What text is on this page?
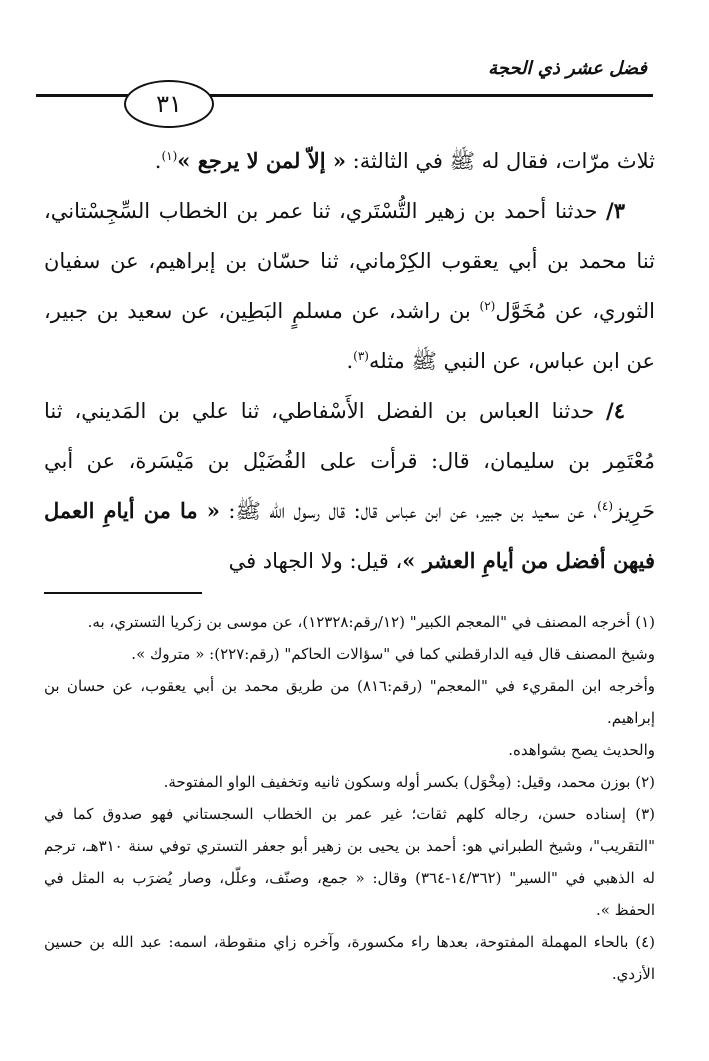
فضل عشر ذي الحجة
٣١

ثلاث مرّات، فقال له ﷺ في الثالثة: « إلاّ لمن لا يرجع »$^{(١)}$.

٣/ حدثنا أحمد بن زهير التُّسْتَري، ثنا عمر بن الخطاب السِّجِسْتاني، ثنا محمد بن أبي يعقوب الكِرْماني، ثنا حسّان بن إبراهيم، عن سفيان الثوري، عن مُخَوَّل$^{(٢)}$ بن راشد، عن مسلمٍ البَطِين، عن سعيد بن جبير، عن ابن عباس، عن النبي ﷺ مثله$^{(٣)}$.

٤/ حدثنا العباس بن الفضل الأَسْفاطي، ثنا علي بن المَديني، ثنا مُعْتَمِر بن سليمان، قال: قرأت على الفُضَيْل بن مَيْسَرة، عن أبي حَرِيز$^{(٤)}$، عن سعيد بن جبير، عن ابن عباس قال: قال رسول الله ﷺ: « ما من أيامِ العمل فيهن أفضل من أيامِ العشر »، قيل: ولا الجهاد في

(١) أخرجه المصنف في "المعجم الكبير" (١٢/رقم:١٢٣٢٨)، عن موسى بن زكريا التستري، به.

وشيخ المصنف قال فيه الدارقطني كما في "سؤالات الحاكم" (رقم:٢٢٧): « متروك ».

وأخرجه ابن المقريء في "المعجم" (رقم:٨١٦) من طريق محمد بن أبي يعقوب، عن حسان بن إبراهيم.

والحديث يصح بشواهده.

(٢) بوزن محمد، وقيل: (مِخْوَل) بكسر أوله وسكون ثانيه وتخفيف الواو المفتوحة.

(٣) إسناده حسن، رجاله كلهم ثقات؛ غير عمر بن الخطاب السجستاني فهو صدوق كما في "التقريب"، وشيخ الطبراني هو: أحمد بن يحيى بن زهير أبو جعفر التستري توفي سنة ٣١٠هـ، ترجم له الذهبي في "السير" (١٤/٣٦٢-٣٦٤) وقال: « جمع، وصنّف، وعلّل، وصار يُضرَب به المثل في الحفظ ».

(٤) بالحاء المهملة المفتوحة، بعدها راء مكسورة، وآخره زاي منقوطة، اسمه: عبد الله بن حسين الأزدي.
